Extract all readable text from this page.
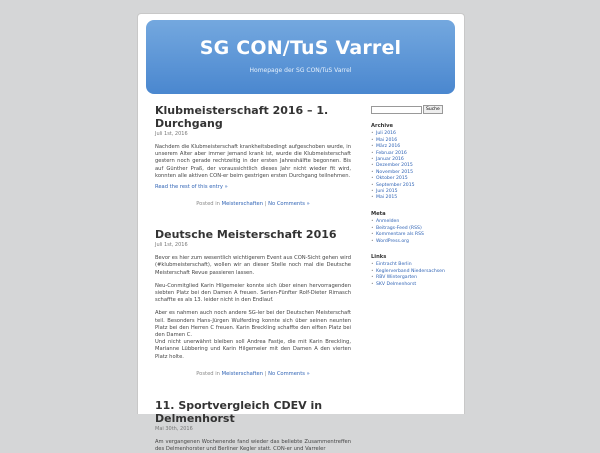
SG CON/TuS Varrel
Homepage der SG CON/TuS Varrel
Klubmeisterschaft 2016 – 1. Durchgang
Juli 1st, 2016

Nachdem die Klubmeisterschaft krankheitsbedingt aufgeschoben wurde, in unserem Alter aber immer jemand krank ist, wurde die Klubmeisterschaft gestern noch gerade rechtzeitig in der ersten Jahreshälfte begonnen. Bis auf Günther Praß, der voraussichtlich dieses Jahr nicht wieder fit wird, konnten alle aktiven CON-er beim gestrigen ersten Durchgang teilnehmen.

Read the rest of this entry »
Posted in Meisterschaften | No Comments »
Deutsche Meisterschaft 2016
Juli 1st, 2016

Bevor es hier zum wesentlich wichtigerem Event aus CON-Sicht gehen wird (#klubmeisterschaft), wollen wir an dieser Stelle noch mal die Deutsche Meisterschaft Revue passieren lassen.

Neu-Conmitglied Karin Hilgemeier konnte sich über einen hervorragenden siebten Platz bei den Damen A freuen. Serien-Fünfter Rolf-Dieter Rimasch schaffte es als 13. leider nicht in den Endlauf.

Aber es nahmen auch noch andere SG-ler bei der Deutschen Meisterschaft teil. Besonders Hans-Jürgen Wulferding konnte sich über seinen neunten Platz bei den Herren C freuen. Karin Breckling schaffte den elften Platz bei den Damen C.
Und nicht unerwähnt bleiben soll Andrea Fastje, die mit Karin Breckling, Marianne Lübbering und Karin Hilgemeier mit den Damen A den vierten Platz holte.

Posted in Meisterschaften | No Comments »
11. Sportvergleich CDEV in Delmenhorst
Mai 30th, 2016

Am vergangenen Wochenende fand wieder das beliebte Zusammentreffen des Delmenhorster und Berliner Kegler statt. CON-er und Varreler

Suche
Archive
• Juli 2016
• Mai 2016
• März 2016
• Februar 2016
• Januar 2016
• Dezember 2015
• November 2015
• Oktober 2015
• September 2015
• Juni 2015
• Mai 2015
Meta
• Anmelden
• Beitrags-Feed (RSS)
• Kommentare als RSS
• WordPress.org
Links
• Eintracht Berlin
• Keglerverband Niedersachsen
• RBV Wintergarten
• SKV Delmenhorst
